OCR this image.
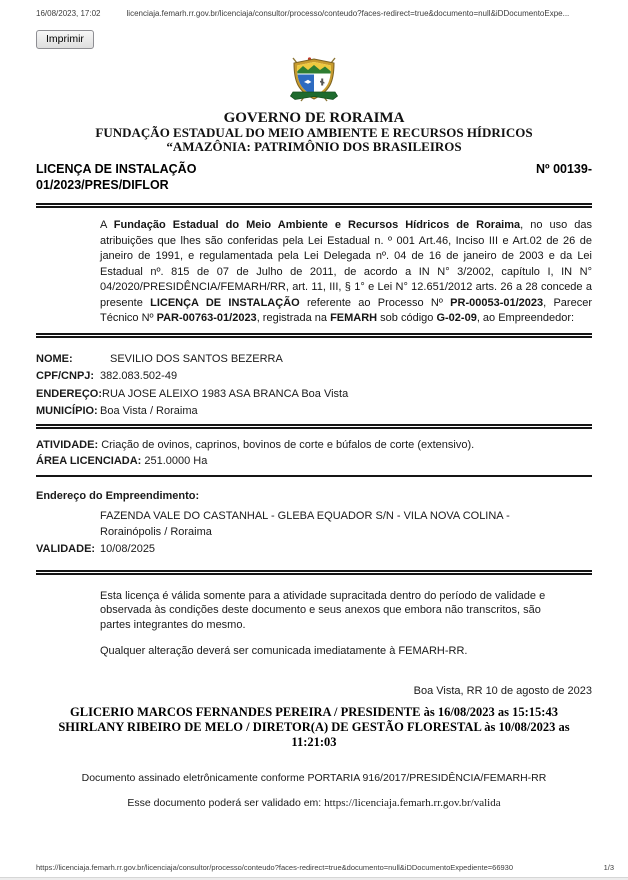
16/08/2023, 17:02	licenciaja.femarh.rr.gov.br/licenciaja/consultor/processo/conteudo?faces-redirect=true&documento=null&iDDocumentoExpe...
Imprimir
GOVERNO DE RORAIMA
FUNDAÇÃO ESTADUAL DO MEIO AMBIENTE E RECURSOS HÍDRICOS
“AMAZÔNIA: PATRIMÔNIO DOS BRASILEIROS
LICENÇA DE INSTALAÇÃO	Nº 00139-
01/2023/PRES/DIFLOR

A Fundação Estadual do Meio Ambiente e Recursos Hídricos de Roraima, no uso das atribuições que lhes são conferidas pela Lei Estadual n. º 001 Art.46, Inciso III e Art.02 de 26 de janeiro de 1991, e regulamentada pela Lei Delegada nº. 04 de 16 de janeiro de 2003 e da Lei Estadual nº. 815 de 07 de Julho de 2011, de acordo a IN N° 3/2002, capítulo I, IN N° 04/2020/PRESIDÊNCIA/FEMARH/RR, art. 11, III, § 1° e Lei N° 12.651/2012 arts. 26 a 28 concede a presente LICENÇA DE INSTALAÇÃO referente ao Processo Nº PR-00053-01/2023, Parecer Técnico Nº PAR-00763-01/2023, registrada na FEMARH sob código G-02-09, ao Empreendedor:

NOME:	SEVILIO DOS SANTOS BEZERRA
CPF/CNPJ: 382.083.502-49
ENDEREÇO: RUA JOSE ALEIXO 1983 ASA BRANCA Boa Vista
MUNICÍPIO: Boa Vista / Roraima
ATIVIDADE: Criação de ovinos, caprinos, bovinos de corte e búfalos de corte (extensivo).
ÁREA LICENCIADA: 251.0000 Ha
Endereço do Empreendimento:
FAZENDA VALE DO CASTANHAL - GLEBA EQUADOR S/N - VILA NOVA COLINA -
Rorainópolis / Roraima
VALIDADE: 10/08/2025

Esta licença é válida somente para a atividade supracitada dentro do período de validade e observada às condições deste documento e seus anexos que embora não transcritos, são partes integrantes do mesmo.

Qualquer alteração deverá ser comunicada imediatamente à FEMARH-RR.

Boa Vista, RR 10 de agosto de 2023
GLICERIO MARCOS FERNANDES PEREIRA / PRESIDENTE às 16/08/2023 as 15:15:43
SHIRLANY RIBEIRO DE MELO / DIRETOR(A) DE GESTÃO FLORESTAL às 10/08/2023 as 11:21:03
Documento assinado eletrônicamente conforme PORTARIA 916/2017/PRESIDÊNCIA/FEMARH-RR
Esse documento poderá ser validado em: https://licenciaja.femarh.rr.gov.br/valida
https://licenciaja.femarh.rr.gov.br/licenciaja/consultor/processo/conteudo?faces-redirect=true&documento=null&iDDocumentoExpediente=66930	1/3
